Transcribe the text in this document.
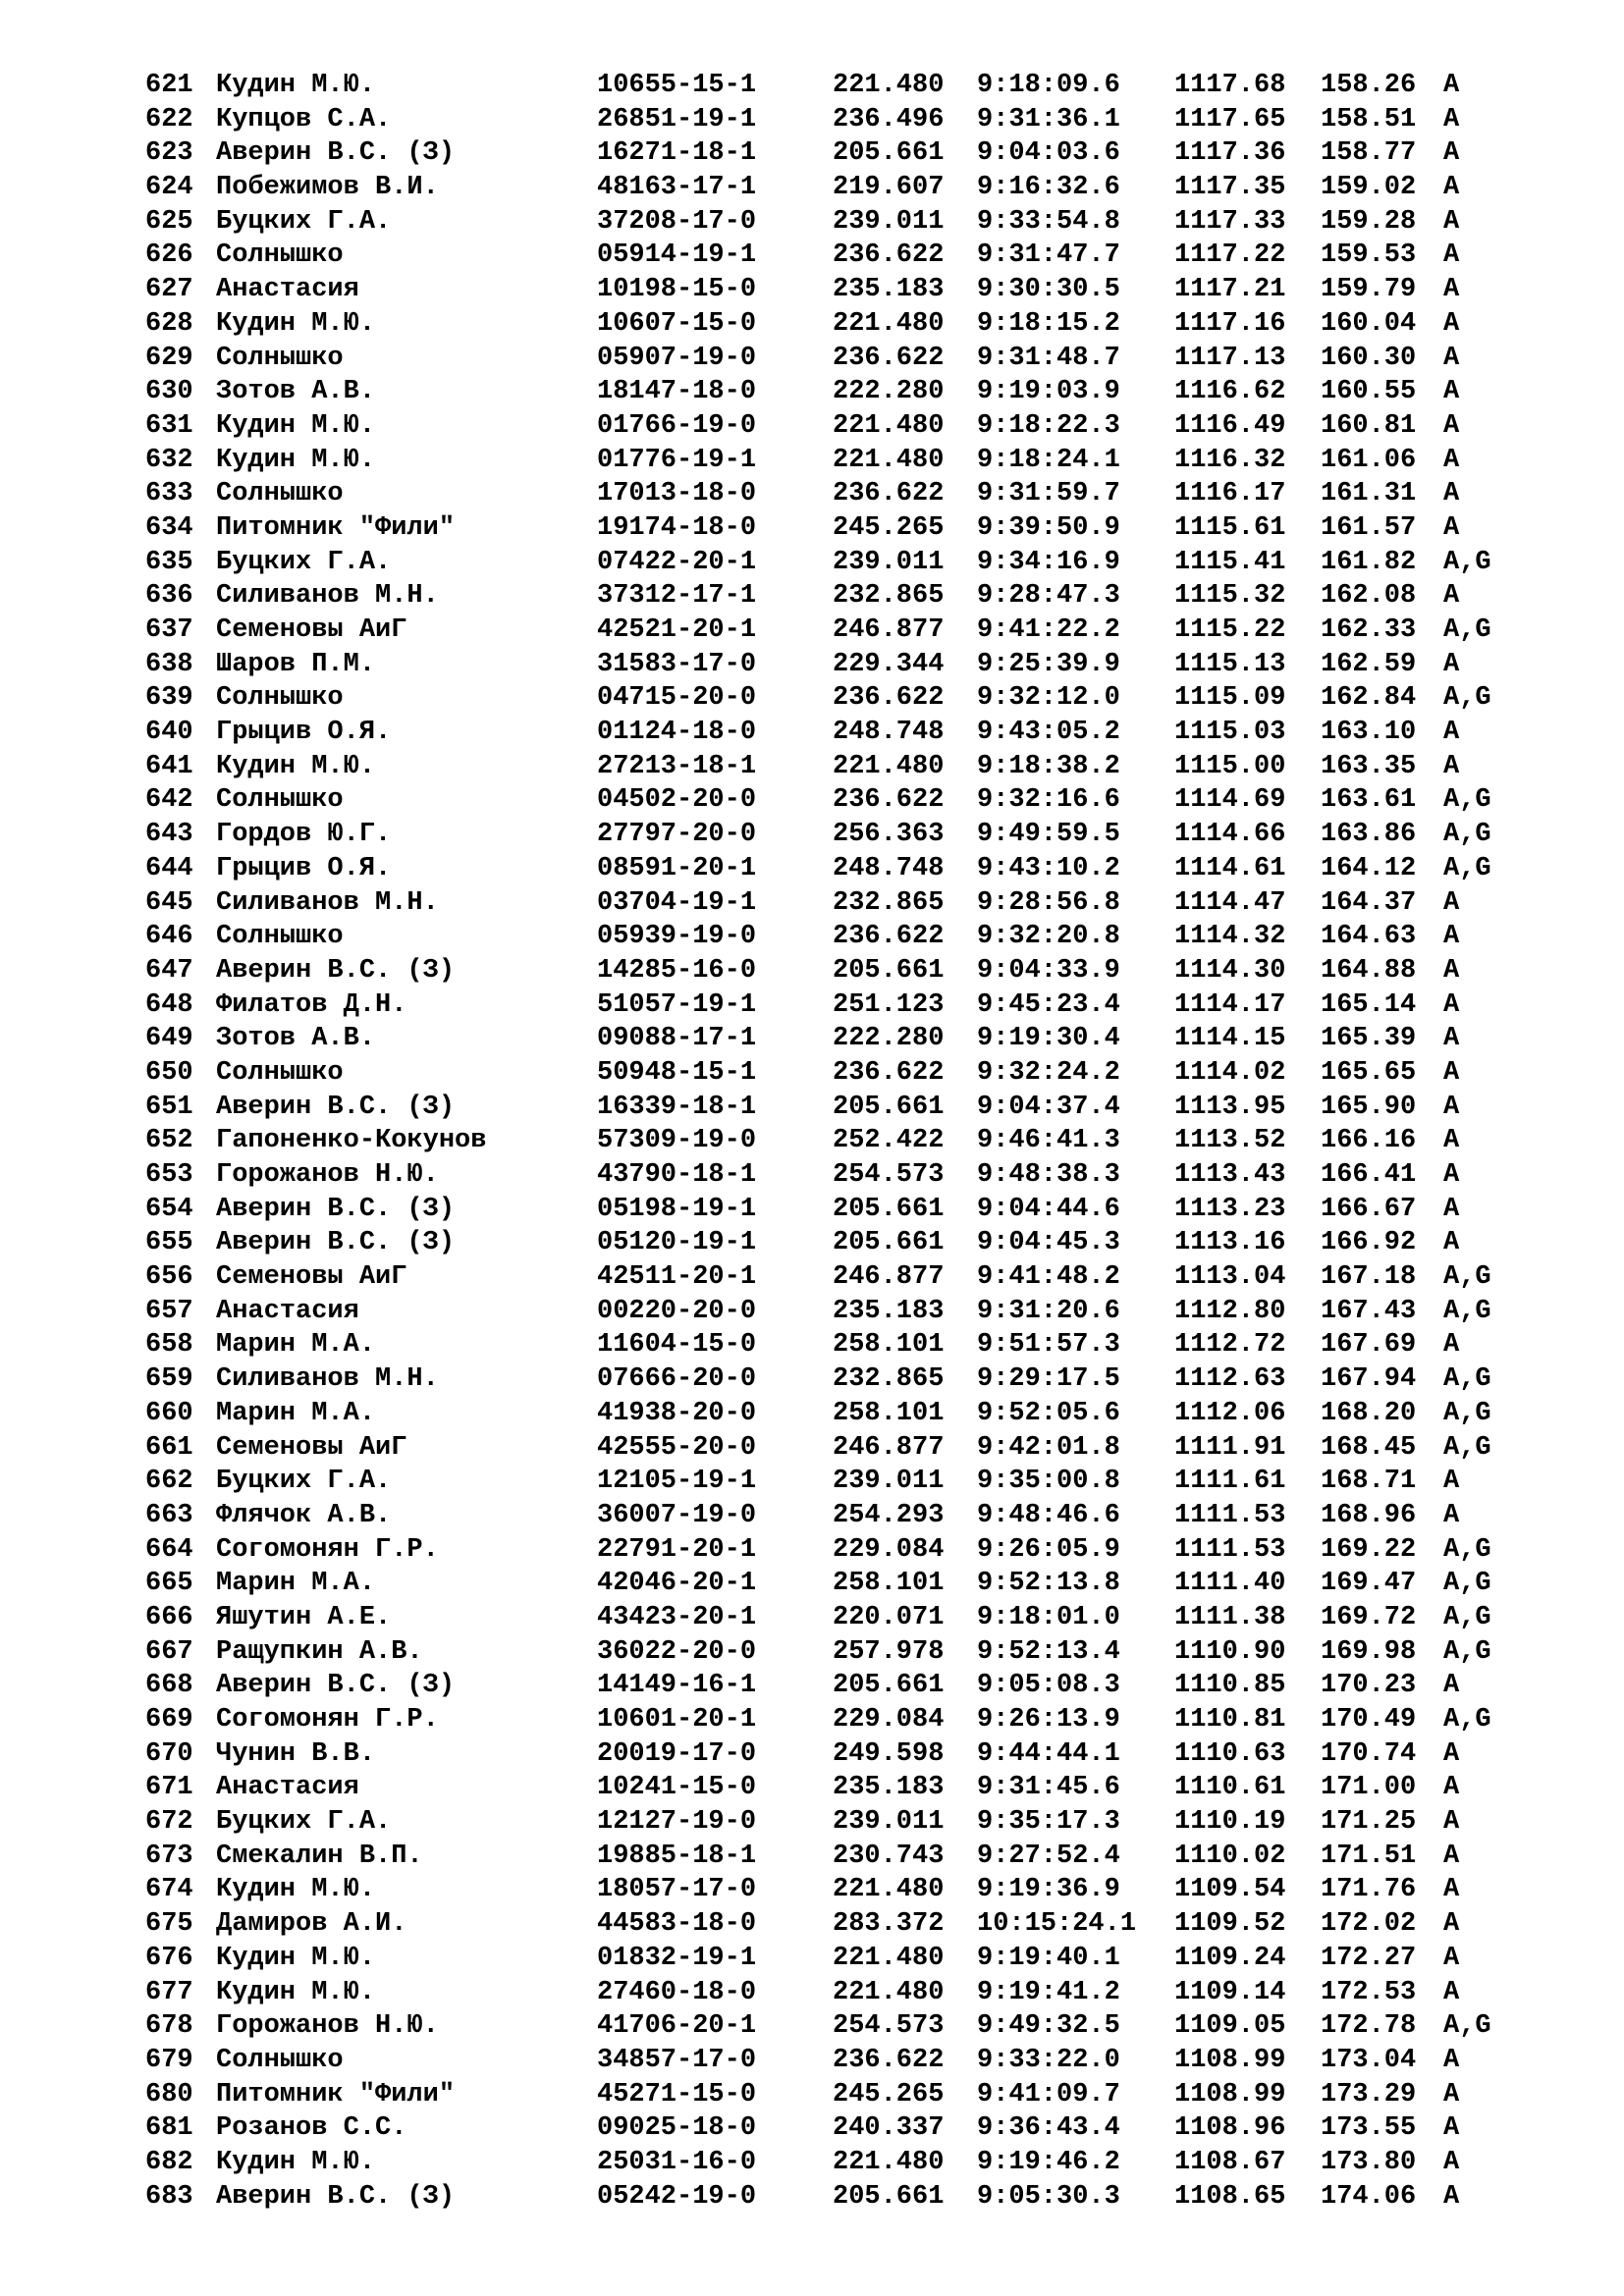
621 Кудин М.Ю.	10655-15-1	221.480 9:18:09.6 1117.68 158.26 A
622 Купцов С.А.	26851-19-1	236.496 9:31:36.1 1117.65 158.51 A
623 Аверин В.С. (З)	16271-18-1	205.661 9:04:03.6 1117.36 158.77 A
624 Побежимов В.И.	48163-17-1	219.607 9:16:32.6 1117.35 159.02 A
625 Буцких Г.А.	37208-17-0	239.011 9:33:54.8 1117.33 159.28 A
626 Солнышко	05914-19-1	236.622 9:31:47.7 1117.22 159.53 A
627 Анастасия	10198-15-0	235.183 9:30:30.5 1117.21 159.79 A
628 Кудин М.Ю.	10607-15-0	221.480 9:18:15.2 1117.16 160.04 A
629 Солнышко	05907-19-0	236.622 9:31:48.7 1117.13 160.30 A
630 Зотов А.В.	18147-18-0	222.280 9:19:03.9 1116.62 160.55 A
631 Кудин М.Ю.	01766-19-0	221.480 9:18:22.3 1116.49 160.81 A
632 Кудин М.Ю.	01776-19-1	221.480 9:18:24.1 1116.32 161.06 A
633 Солнышко	17013-18-0	236.622 9:31:59.7 1116.17 161.31 A
634 Питомник "Фили"	19174-18-0	245.265 9:39:50.9 1115.61 161.57 A
635 Буцких Г.А.	07422-20-1	239.011 9:34:16.9 1115.41 161.82 A,G
636 Силиванов М.Н.	37312-17-1	232.865 9:28:47.3 1115.32 162.08 A
637 Семеновы АиГ	42521-20-1	246.877 9:41:22.2 1115.22 162.33 A,G
638 Шаров П.М.	31583-17-0	229.344 9:25:39.9 1115.13 162.59 A
639 Солнышко	04715-20-0	236.622 9:32:12.0 1115.09 162.84 A,G
640 Грыцив О.Я.	01124-18-0	248.748 9:43:05.2 1115.03 163.10 A
641 Кудин М.Ю.	27213-18-1	221.480 9:18:38.2 1115.00 163.35 A
642 Солнышко	04502-20-0	236.622 9:32:16.6 1114.69 163.61 A,G
643 Гордов Ю.Г.	27797-20-0	256.363 9:49:59.5 1114.66 163.86 A,G
644 Грыцив О.Я.	08591-20-1	248.748 9:43:10.2 1114.61 164.12 A,G
645 Силиванов М.Н.	03704-19-1	232.865 9:28:56.8 1114.47 164.37 A
646 Солнышко	05939-19-0	236.622 9:32:20.8 1114.32 164.63 A
647 Аверин В.С. (З)	14285-16-0	205.661 9:04:33.9 1114.30 164.88 A
648 Филатов Д.Н.	51057-19-1	251.123 9:45:23.4 1114.17 165.14 A
649 Зотов А.В.	09088-17-1	222.280 9:19:30.4 1114.15 165.39 A
650 Солнышко	50948-15-1	236.622 9:32:24.2 1114.02 165.65 A
651 Аверин В.С. (З)	16339-18-1	205.661 9:04:37.4 1113.95 165.90 A
652 Гапоненко-Кокунов	57309-19-0	252.422 9:46:41.3 1113.52 166.16 A
653 Горожанов Н.Ю.	43790-18-1	254.573 9:48:38.3 1113.43 166.41 A
654 Аверин В.С. (З)	05198-19-1	205.661 9:04:44.6 1113.23 166.67 A
655 Аверин В.С. (З)	05120-19-1	205.661 9:04:45.3 1113.16 166.92 A
656 Семеновы АиГ	42511-20-1	246.877 9:41:48.2 1113.04 167.18 A,G
657 Анастасия	00220-20-0	235.183 9:31:20.6 1112.80 167.43 A,G
658 Марин М.А.	11604-15-0	258.101 9:51:57.3 1112.72 167.69 A
659 Силиванов М.Н.	07666-20-0	232.865 9:29:17.5 1112.63 167.94 A,G
660 Марин М.А.	41938-20-0	258.101 9:52:05.6 1112.06 168.20 A,G
661 Семеновы АиГ	42555-20-0	246.877 9:42:01.8 1111.91 168.45 A,G
662 Буцких Г.А.	12105-19-1	239.011 9:35:00.8 1111.61 168.71 A
663 Флячок А.В.	36007-19-0	254.293 9:48:46.6 1111.53 168.96 A
664 Согомонян Г.Р.	22791-20-1	229.084 9:26:05.9 1111.53 169.22 A,G
665 Марин М.А.	42046-20-1	258.101 9:52:13.8 1111.40 169.47 A,G
666 Яшутин А.Е.	43423-20-1	220.071 9:18:01.0 1111.38 169.72 A,G
667 Ращупкин А.В.	36022-20-0	257.978 9:52:13.4 1110.90 169.98 A,G
668 Аверин В.С. (З)	14149-16-1	205.661 9:05:08.3 1110.85 170.23 A
669 Согомонян Г.Р.	10601-20-1	229.084 9:26:13.9 1110.81 170.49 A,G
670 Чунин В.В.	20019-17-0	249.598 9:44:44.1 1110.63 170.74 A
671 Анастасия	10241-15-0	235.183 9:31:45.6 1110.61 171.00 A
672 Буцких Г.А.	12127-19-0	239.011 9:35:17.3 1110.19 171.25 A
673 Смекалин В.П.	19885-18-1	230.743 9:27:52.4 1110.02 171.51 A
674 Кудин М.Ю.	18057-17-0	221.480 9:19:36.9 1109.54 171.76 A
675 Дамиров А.И.	44583-18-0	283.372 10:15:24.1 1109.52 172.02 A
676 Кудин М.Ю.	01832-19-1	221.480 9:19:40.1 1109.24 172.27 A
677 Кудин М.Ю.	27460-18-0	221.480 9:19:41.2 1109.14 172.53 A
678 Горожанов Н.Ю.	41706-20-1	254.573 9:49:32.5 1109.05 172.78 A,G
679 Солнышко	34857-17-0	236.622 9:33:22.0 1108.99 173.04 A
680 Питомник "Фили"	45271-15-0	245.265 9:41:09.7 1108.99 173.29 A
681 Розанов С.С.	09025-18-0	240.337 9:36:43.4 1108.96 173.55 A
682 Кудин М.Ю.	25031-16-0	221.480 9:19:46.2 1108.67 173.80 A
683 Аверин В.С. (З)	05242-19-0	205.661 9:05:30.3 1108.65 174.06 A
